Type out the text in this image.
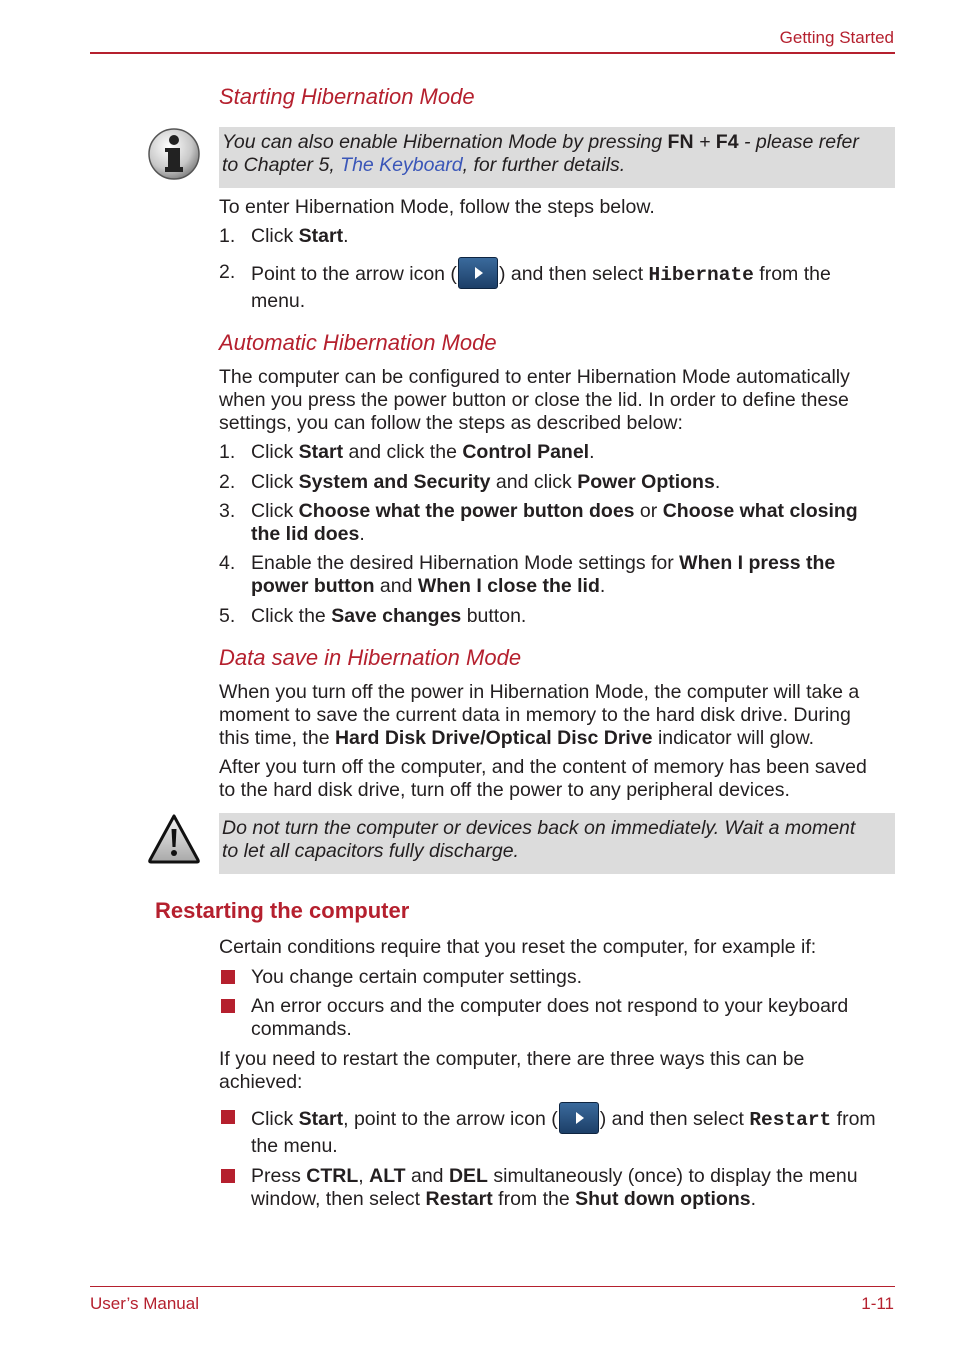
Getting Started
Starting Hibernation Mode
You can also enable Hibernation Mode by pressing FN + F4 - please refer
to Chapter 5, The Keyboard, for further details.
To enter Hibernation Mode, follow the steps below.
1. Click Start.
2. Point to the arrow icon ( ) and then select Hibernate from the
menu.
Automatic Hibernation Mode
The computer can be configured to enter Hibernation Mode automatically
when you press the power button or close the lid. In order to define these
settings, you can follow the steps as described below:
1. Click Start and click the Control Panel.
2. Click System and Security and click Power Options.
3. Click Choose what the power button does or Choose what closing
the lid does.
4. Enable the desired Hibernation Mode settings for When I press the
power button and When I close the lid.
5. Click the Save changes button.
Data save in Hibernation Mode
When you turn off the power in Hibernation Mode, the computer will take a
moment to save the current data in memory to the hard disk drive. During
this time, the Hard Disk Drive/Optical Disc Drive indicator will glow.
After you turn off the computer, and the content of memory has been saved
to the hard disk drive, turn off the power to any peripheral devices.
Do not turn the computer or devices back on immediately. Wait a moment
to let all capacitors fully discharge.
Restarting the computer
Certain conditions require that you reset the computer, for example if:
You change certain computer settings.
An error occurs and the computer does not respond to your keyboard
commands.
If you need to restart the computer, there are three ways this can be
achieved:
Click Start, point to the arrow icon ( ) and then select Restart from
the menu.
Press CTRL, ALT and DEL simultaneously (once) to display the menu
window, then select Restart from the Shut down options.
User’s Manual	1-11
